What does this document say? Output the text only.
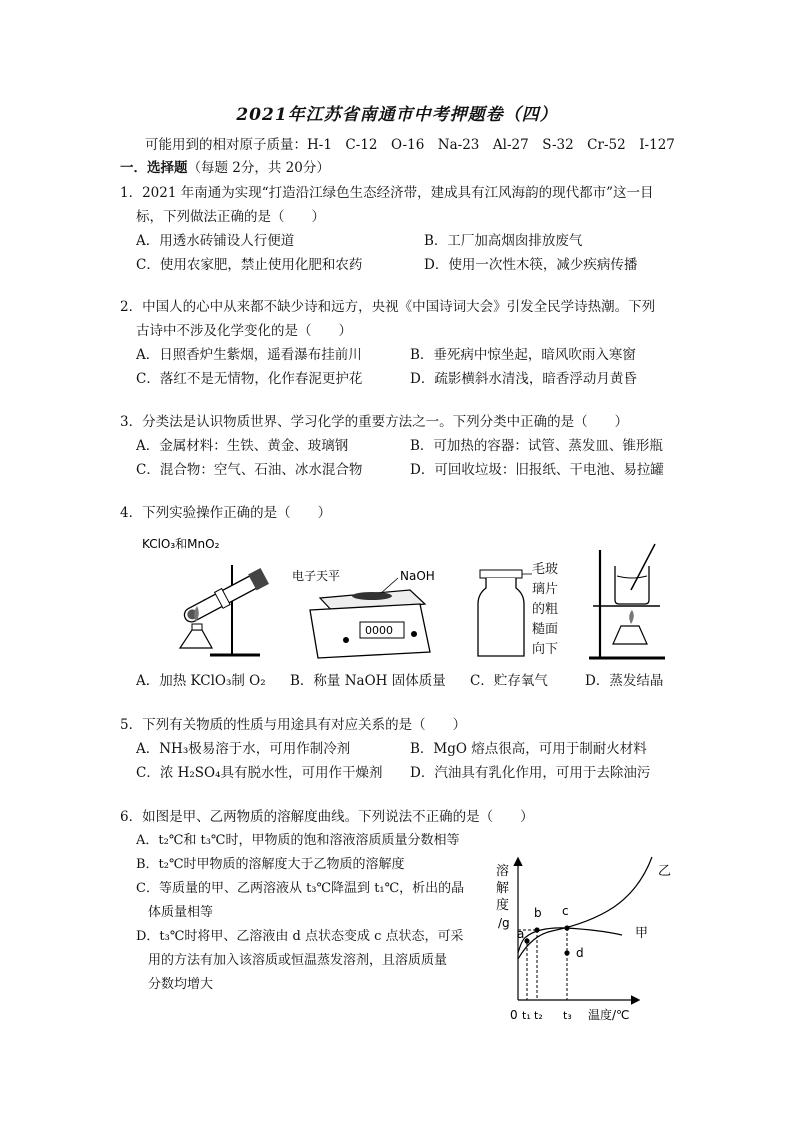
2021年江苏省南通市中考押题卷（四）
可能用到的相对原子质量：H-1　C-12　O-16　Na-23　Al-27　S-32　Cr-52　I-127
一．选择题（每题 2分，共 20分）
1．2021 年南通为实现“打造沿江绿色生态经济带，建成具有江风海韵的现代都市”这一目
标，下列做法正确的是（　　）
A．用透水砖铺设人行便道	B．工厂加高烟囱排放废气
C．使用农家肥，禁止使用化肥和农药	D．使用一次性木筷，减少疾病传播
2．中国人的心中从来都不缺少诗和远方，央视《中国诗词大会》引发全民学诗热潮。下列
古诗中不涉及化学变化的是（　　）
A．日照香炉生紫烟，遥看瀑布挂前川	B．垂死病中惊坐起，暗风吹雨入寒窗
C．落红不是无情物，化作春泥更护花	D．疏影横斜水清浅，暗香浮动月黄昏
3．分类法是认识物质世界、学习化学的重要方法之一。下列分类中正确的是（　　）
A．金属材料：生铁、黄金、玻璃钢	B．可加热的容器：试管、蒸发皿、锥形瓶
C．混合物：空气、石油、冰水混合物	D．可回收垃圾：旧报纸、干电池、易拉罐
4．下列实验操作正确的是（　　）
KClO₃和MnO₂
电子天平	NaOH
0000
毛玻
璃片
的粗
糙面
向下
A．加热 KClO₃制 O₂ B．称量 NaOH 固体质量 C．贮存氧气	D．蒸发结晶
5．下列有关物质的性质与用途具有对应关系的是（　　）
A．NH₃极易溶于水，可用作制冷剂	B．MgO 熔点很高，可用于制耐火材料
C．浓 H₂SO₄具有脱水性，可用作干燥剂 D．汽油具有乳化作用，可用于去除油污
6．如图是甲、乙两物质的溶解度曲线。下列说法不正确的是（　　）
A．t₂℃和 t₃℃时，甲物质的饱和溶液溶质质量分数相等
B．t₂℃时甲物质的溶解度大于乙物质的溶解度
C．等质量的甲、乙两溶液从 t₃℃降温到 t₁℃，析出的晶
体质量相等
D．t₃℃时将甲、乙溶液由 d 点状态变成 c 点状态，可采
用的方法有加入该溶质或恒温蒸发溶剂，且溶质质量
分数均增大
溶
解
度
/g
甲
乙
a
b c
d
0 t₁ t₂ t₃ 温度/℃
